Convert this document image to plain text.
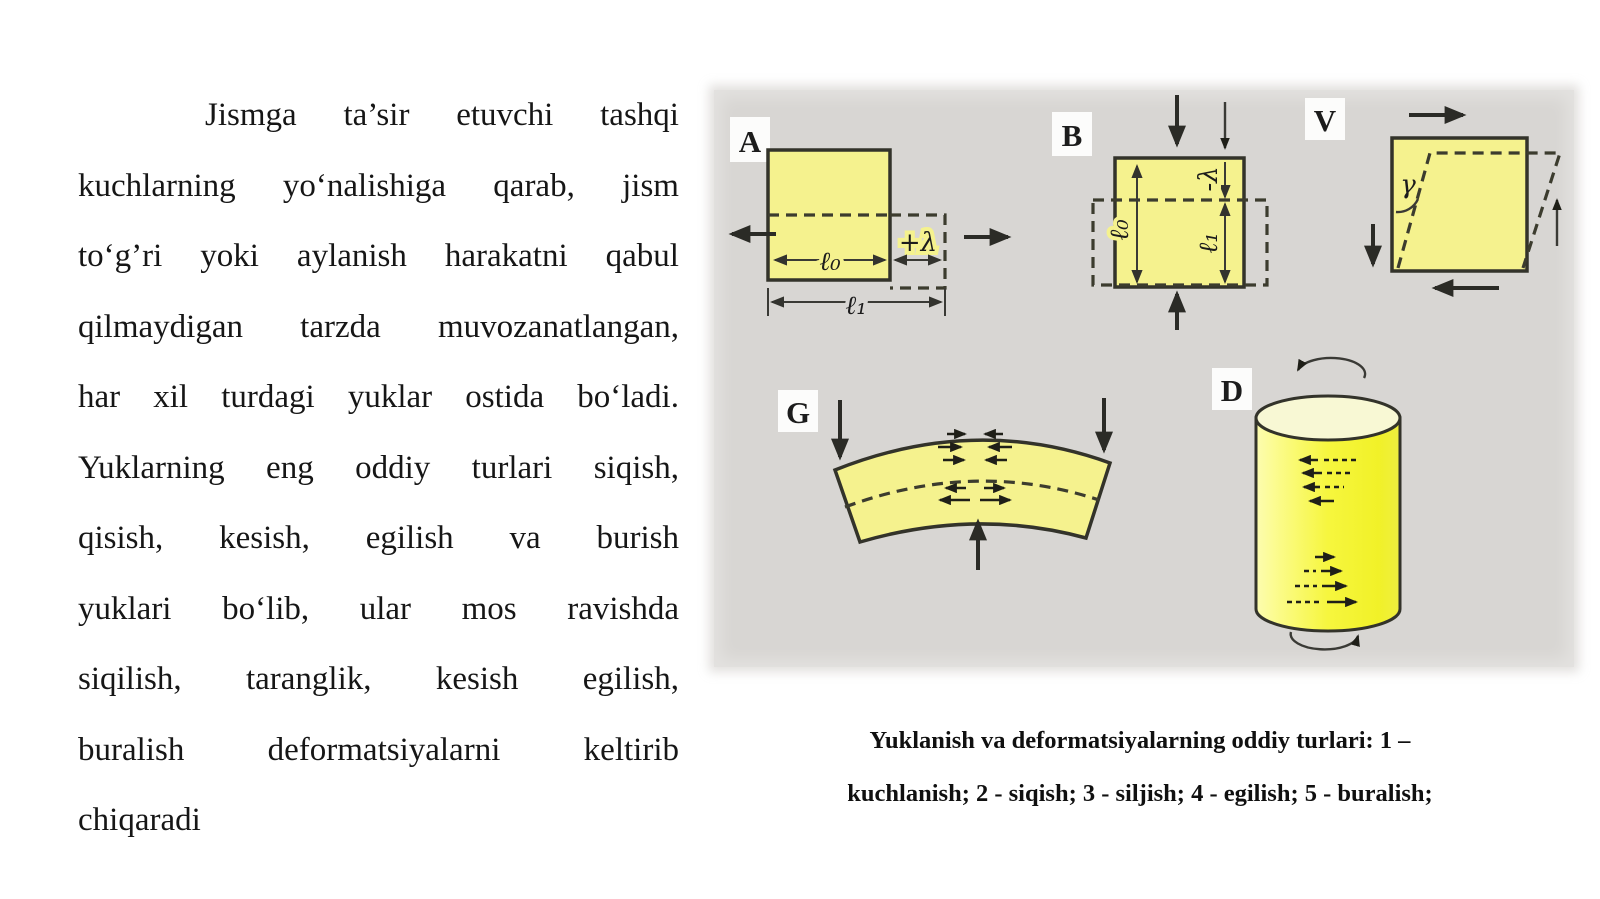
Jismga ta’sir etuvchi tashqi
kuchlarning yo‘nalishiga qarab, jism
to‘g’ri yoki aylanish harakatni qabul
qilmaydigan tarzda muvozanatlangan,
har xil turdagi yuklar ostida bo‘ladi.
Yuklarning eng oddiy turlari siqish,
qisish, kesish, egilish va burish
yuklari bo‘lib, ular mos ravishda
siqilish, taranglik, kesish egilish,
buralish	deformatsiyalarni	keltirib
chiqaradi
A
+λ
ℓ₀
ℓ₁
B
ℓ₀
-λ
ℓ₁
V
γ
G
D
Yuklanish va deformatsiyalarning oddiy turlari: 1 –
kuchlanish; 2 - siqish; 3 - siljish; 4 - egilish; 5 - buralish;
